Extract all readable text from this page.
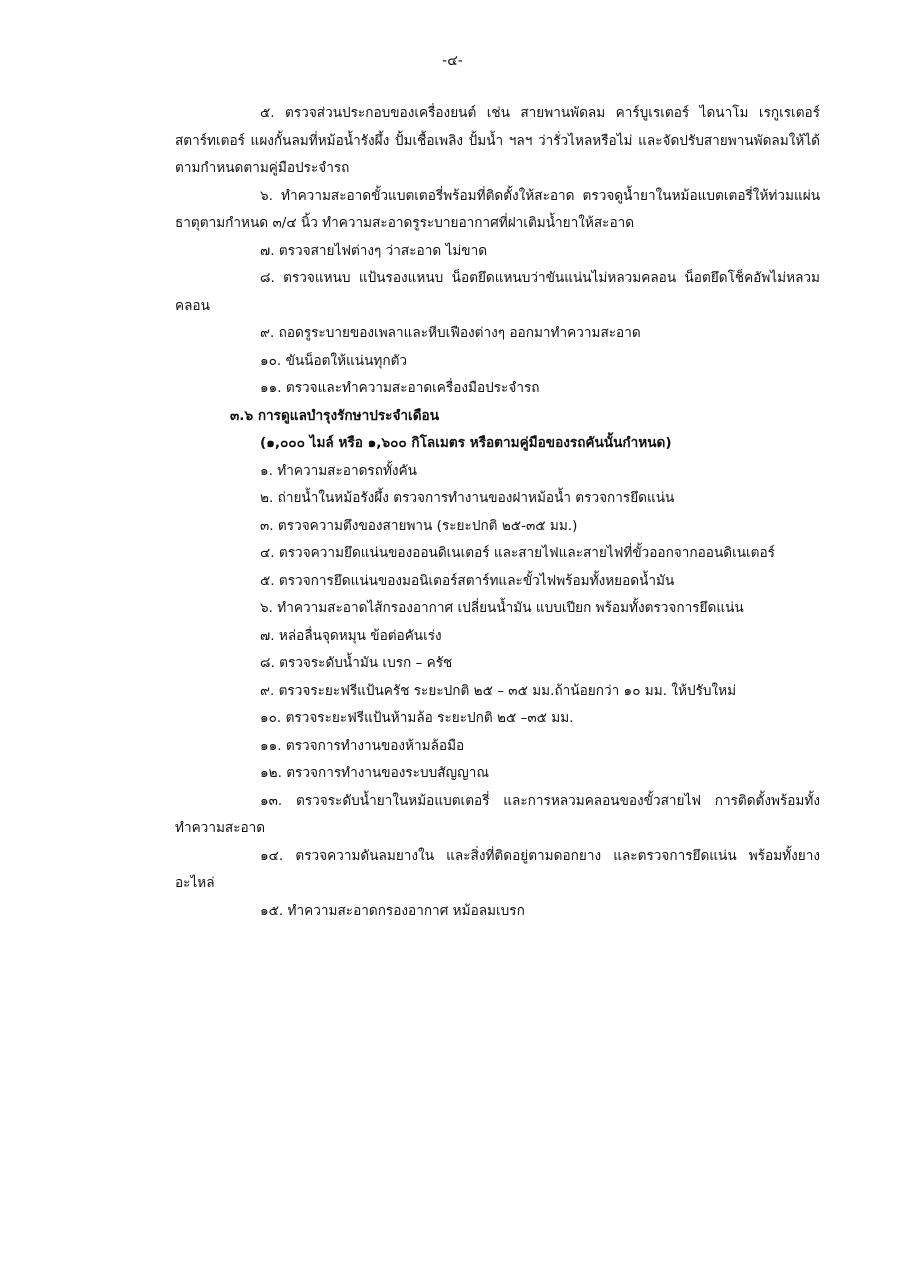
-๔-

๕. ตรวจส่วนประกอบของเครื่องยนต์ เช่น สายพานพัดลม คาร์บูเรเตอร์ ไดนาโม เรกูเรเตอร์ สตาร์ทเตอร์ แผงกั้นลมที่หม้อน้ำรังผึ้ง ปั้มเชื้อเพลิง ปั้มน้ำ ฯลฯ ว่ารั่วไหลหรือไม่ และจัดปรับสายพานพัดลมให้ได้ตามกำหนดตามคู่มือประจำรถ

๖. ทำความสะอาดขั้วแบตเตอรี่พร้อมที่ติดตั้งให้สะอาด ตรวจดูน้ำยาในหม้อแบตเตอรี่ให้ท่วมแผ่นธาตุตามกำหนด ๓/๔ นิ้ว ทำความสะอาดรูระบายอากาศที่ฝาเติมน้ำยาให้สะอาด

๗. ตรวจสายไฟต่างๆ ว่าสะอาด ไม่ขาด

๘. ตรวจแหนบ แป้นรองแหนบ น็อตยึดแหนบว่าขันแน่นไม่หลวมคลอน น็อตยึดโช็คอัพไม่หลวมคลอน

๙. ถอดรูระบายของเพลาและหีบเฟืองต่างๆ ออกมาทำความสะอาด

๑๐. ขันน็อตให้แน่นทุกตัว

๑๑. ตรวจและทำความสะอาดเครื่องมือประจำรถ

๓.๖ การดูแลบำรุงรักษาประจำเดือน

(๑,๐๐๐ ไมล์ หรือ ๑,๖๐๐ กิโลเมตร หรือตามคู่มือของรถคันนั้นกำหนด)

๑. ทำความสะอาดรถทั้งคัน

๒. ถ่ายน้ำในหม้อรังผึ้ง ตรวจการทำงานของฝาหม้อน้ำ ตรวจการยึดแน่น

๓. ตรวจความตึงของสายพาน (ระยะปกติ ๒๕-๓๕ มม.)

๔. ตรวจความยึดแน่นของออนดิเนเตอร์ และสายไฟและสายไฟที่ขั้วออกจากออนดิเนเตอร์

๕. ตรวจการยึดแน่นของมอนิเตอร์สตาร์ทและขั้วไฟพร้อมทั้งหยอดน้ำมัน

๖. ทำความสะอาดไส้กรองอากาศ เปลี่ยนน้ำมัน แบบเปียก พร้อมทั้งตรวจการยึดแน่น

๗. หล่อลื่นจุดหมุน ข้อต่อคันเร่ง

๘. ตรวจระดับน้ำมัน เบรก – ครัช

๙. ตรวจระยะฟรีแป้นครัช ระยะปกติ ๒๕ – ๓๕ มม.ถ้าน้อยกว่า ๑๐ มม. ให้ปรับใหม่

๑๐. ตรวจระยะฟรีแป้นห้ามล้อ ระยะปกติ ๒๕ –๓๕ มม.

๑๑. ตรวจการทำงานของห้ามล้อมือ

๑๒. ตรวจการทำงานของระบบสัญญาณ

๑๓. ตรวจระดับน้ำยาในหม้อแบตเตอรี่ และการหลวมคลอนของขั้วสายไฟ การติดตั้งพร้อมทั้งทำความสะอาด

๑๔. ตรวจความดันลมยางใน และสิ่งที่ติดอยู่ตามดอกยาง และตรวจการยึดแน่น พร้อมทั้งยางอะไหล่

๑๕. ทำความสะอาดกรองอากาศ หม้อลมเบรก
